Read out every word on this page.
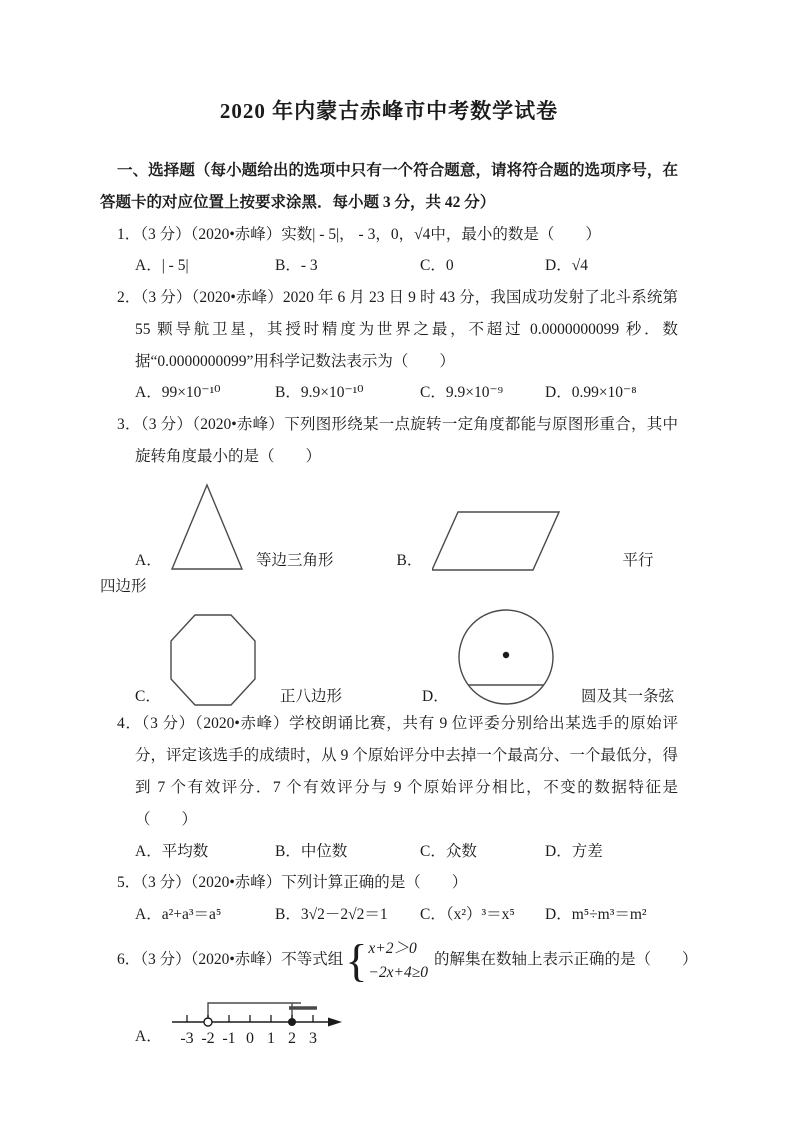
2020 年内蒙古赤峰市中考数学试卷

一、选择题（每小题给出的选项中只有一个符合题意，请将符合题的选项序号，在答题卡的对应位置上按要求涂黑．每小题 3 分，共 42 分）

1．（3 分）（2020•赤峰）实数| - 5|， - 3，0，√4中，最小的数是（　　）

A．| - 5|	B．- 3	C．0	D．√4

2．（3 分）（2020•赤峰）2020 年 6 月 23 日 9 时 43 分，我国成功发射了北斗系统第 55 颗导航卫星，其授时精度为世界之最，不超过 0.0000000099 秒．数据“0.0000000099”用科学记数法表示为（　　）

A．99×10⁻¹⁰	B．9.9×10⁻¹⁰	C．9.9×10⁻⁹	D．0.99×10⁻⁸

3．（3 分）（2020•赤峰）下列图形绕某一点旋转一定角度都能与原图形重合，其中旋转角度最小的是（　　）

A．	等边三角形	B．	平行

四边形

C．	正八边形	D．	圆及其一条弦

4．（3 分）（2020•赤峰）学校朗诵比赛，共有 9 位评委分别给出某选手的原始评分，评定该选手的成绩时，从 9 个原始评分中去掉一个最高分、一个最低分，得到 7 个有效评分．7 个有效评分与 9 个原始评分相比，不变的数据特征是（　　）

A．平均数	B．中位数	C．众数	D．方差

5．（3 分）（2020•赤峰）下列计算正确的是（　　）

A．a²+a³＝a⁵	B．3√2－2√2＝1	C．（x²）³＝x⁵	D．m⁵÷m³＝m²
6．（3 分）（2020•赤峰）不等式组 { x+2＞0
−2x+4≥0
的解集在数轴上表示正确的是（　　）
A．	-3 -2 -1 0 1 2 3
